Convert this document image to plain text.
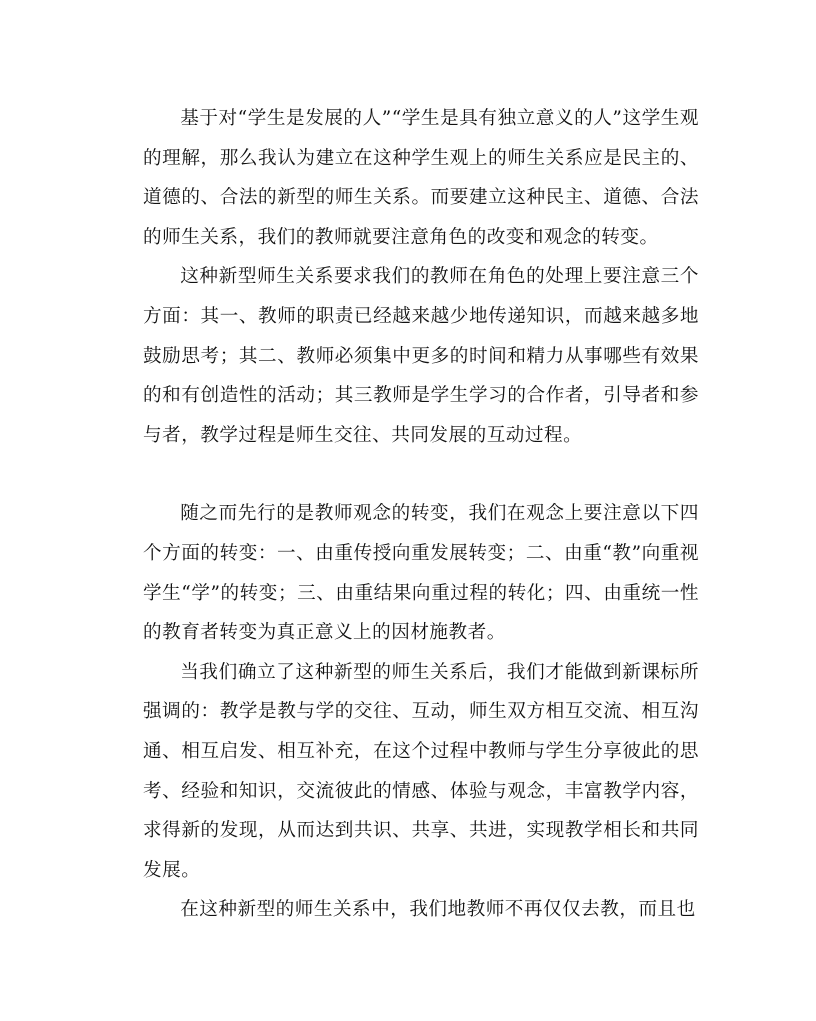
基于对“学生是发展的人”“学生是具有独立意义的人”这学生观的理解，那么我认为建立在这种学生观上的师生关系应是民主的、道德的、合法的新型的师生关系。而要建立这种民主、道德、合法的师生关系，我们的教师就要注意角色的改变和观念的转变。

这种新型师生关系要求我们的教师在角色的处理上要注意三个方面：其一、教师的职责已经越来越少地传递知识，而越来越多地鼓励思考；其二、教师必须集中更多的时间和精力从事哪些有效果的和有创造性的活动；其三教师是学生学习的合作者，引导者和参与者，教学过程是师生交往、共同发展的互动过程。

随之而先行的是教师观念的转变，我们在观念上要注意以下四个方面的转变：一、由重传授向重发展转变；二、由重“教”向重视学生“学”的转变；三、由重结果向重过程的转化；四、由重统一性的教育者转变为真正意义上的因材施教者。

当我们确立了这种新型的师生关系后，我们才能做到新课标所强调的：教学是教与学的交往、互动，师生双方相互交流、相互沟通、相互启发、相互补充，在这个过程中教师与学生分享彼此的思考、经验和知识，交流彼此的情感、体验与观念，丰富教学内容，求得新的发现，从而达到共识、共享、共进，实现教学相长和共同发展。

在这种新型的师生关系中，我们地教师不再仅仅去教，而且也
